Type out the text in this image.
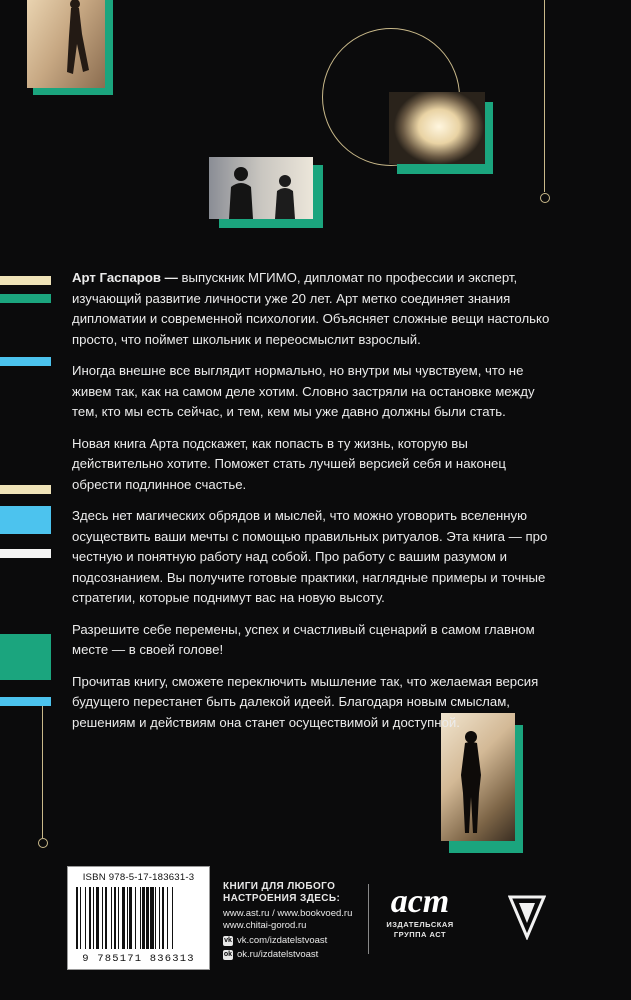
Арт Гаспаров — выпускник МГИМО, дипломат по профессии и эксперт, изучающий развитие личности уже 20 лет. Арт метко соединяет знания дипломатии и современной психологии. Объясняет сложные вещи настолько просто, что поймет школьник и переосмыслит взрослый.

Иногда внешне все выглядит нормально, но внутри мы чувствуем, что не живем так, как на самом деле хотим. Словно застряли на остановке между тем, кто мы есть сейчас, и тем, кем мы уже давно должны были стать.

Новая книга Арта подскажет, как попасть в ту жизнь, которую вы действительно хотите. Поможет стать лучшей версией себя и наконец обрести подлинное счастье.

Здесь нет магических обрядов и мыслей, что можно уговорить вселенную осуществить ваши мечты с помощью правильных ритуалов. Эта книга — про честную и понятную работу над собой. Про работу с вашим разумом и подсознанием. Вы получите готовые практики, наглядные примеры и точные стратегии, которые поднимут вас на новую высоту.

Разрешите себе перемены, успех и счастливый сценарий в самом главном месте — в своей голове!

Прочитав книгу, сможете переключить мышление так, что желаемая версия будущего перестанет быть далекой идеей. Благодаря новым смыслам, решениям и действиям она станет осуществимой и доступной.

ISBN 978-5-17-183631-3
9 785171 836313
КНИГИ ДЛЯ ЛЮБОГО
НАСТРОЕНИЯ ЗДЕСЬ:
www.ast.ru / www.bookvoed.ru
www.chitai-gorod.ru
vk vk.com/izdatelstvoast
ok ok.ru/izdatelstvoast
аст
ИЗДАТЕЛЬСКАЯ
ГРУППА АСТ
